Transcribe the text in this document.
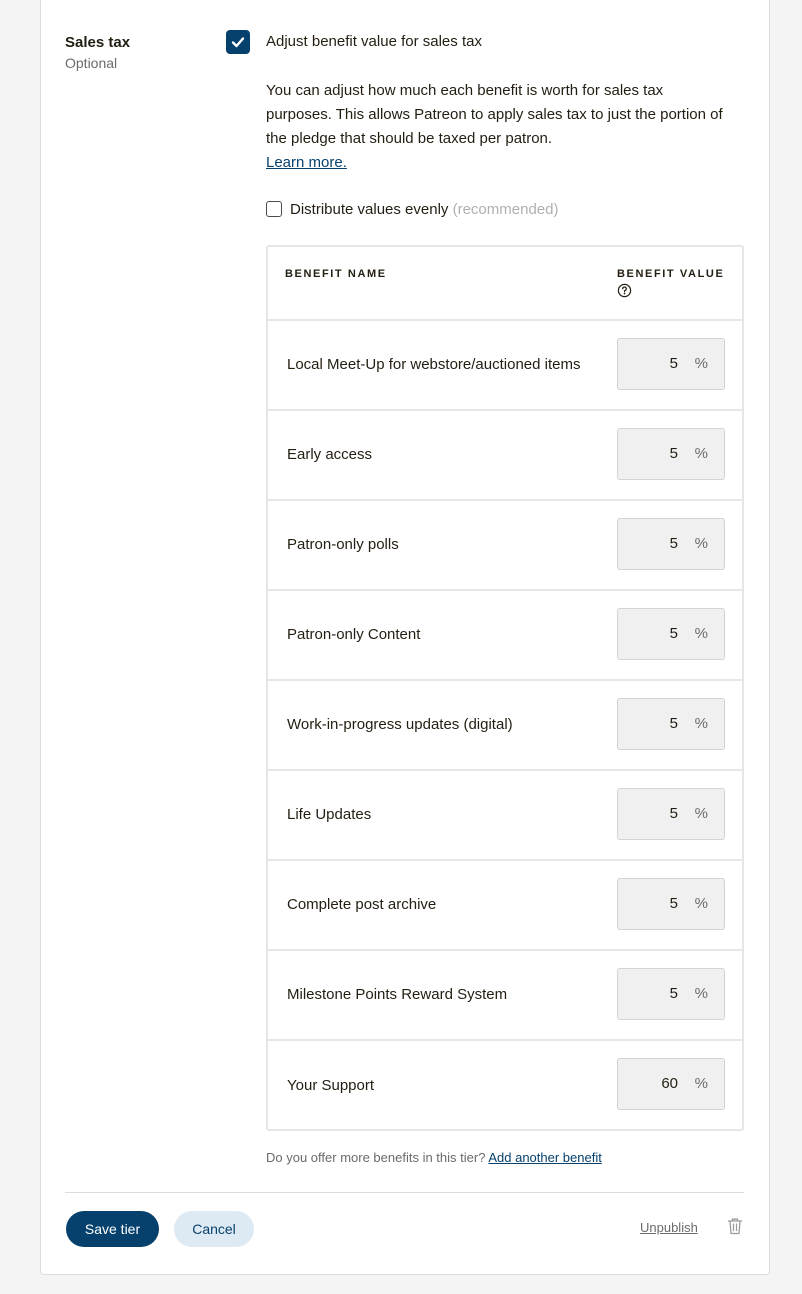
Sales tax
Optional
Adjust benefit value for sales tax
You can adjust how much each benefit is worth for sales tax purposes. This allows Patreon to apply sales tax to just the portion of the pledge that should be taxed per patron.
Learn more.
Distribute values evenly (recommended)
BENEFIT NAME	BENEFIT VALUE
Local Meet-Up for webstore/auctioned items	5 %
Early access	5 %
Patron-only polls	5 %
Patron-only Content	5 %
Work-in-progress updates (digital)	5 %
Life Updates	5 %
Complete post archive	5 %
Milestone Points Reward System	5 %
Your Support	60 %
Do you offer more benefits in this tier? Add another benefit
Save tier	Cancel	Unpublish
